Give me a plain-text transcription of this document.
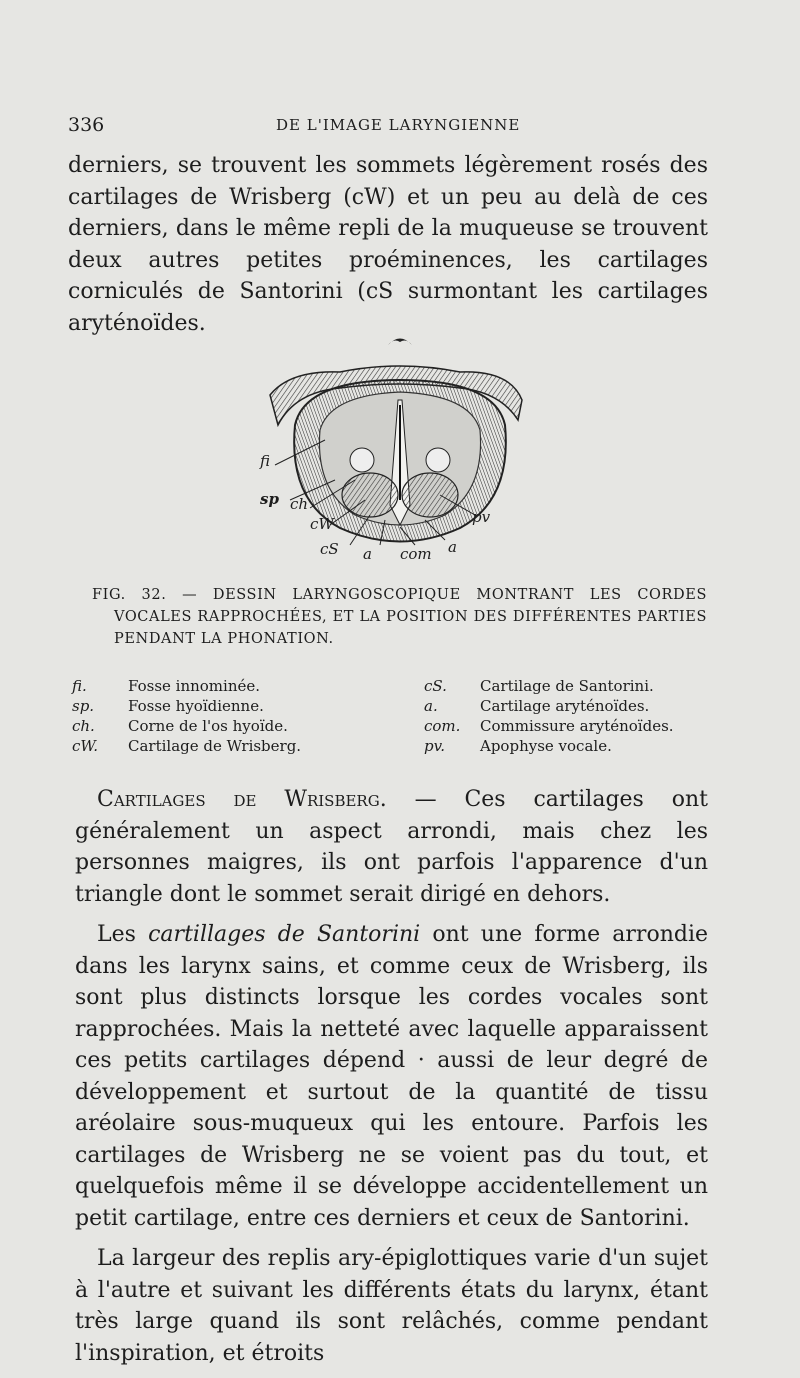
336	DE L'IMAGE LARYNGIENNE
derniers, se trouvent les sommets légèrement rosés des cartilages de Wrisberg (cW) et un peu au delà de ces derniers, dans le même repli de la muqueuse se trouvent deux autres petites proéminences, les cartilages corniculés de Santorini (cS surmontant les cartilages aryténoïdes.
fi
sp ch
cW	pv
cS a com a
FIG. 32. — DESSIN LARYNGOSCOPIQUE MONTRANT LES CORDES VOCALES RAPPROCHÉES, ET LA POSITION DES DIFFÉRENTES PARTIES PENDANT LA PHONATION.
fi.	Fosse innominée.	cS. Cartilage de Santorini.
sp. Fosse hyoïdienne.	a.	Cartilage aryténoïdes.
ch. Corne de l'os hyoïde.	com. Commissure aryténoïdes.
cW. Cartilage de Wrisberg.	pv. Apophyse vocale.

Cartilages de Wrisberg. — Ces cartilages ont généralement un aspect arrondi, mais chez les personnes maigres, ils ont parfois l'apparence d'un triangle dont le sommet serait dirigé en dehors.

Les cartillages de Santorini ont une forme arrondie dans les larynx sains, et comme ceux de Wrisberg, ils sont plus distincts lorsque les cordes vocales sont rapprochées. Mais la netteté avec laquelle apparaissent ces petits cartilages dépend · aussi de leur degré de développement et surtout de la quantité de tissu aréolaire sous-muqueux qui les entoure. Parfois les cartilages de Wrisberg ne se voient pas du tout, et quelquefois même il se développe accidentellement un petit cartilage, entre ces derniers et ceux de Santorini.

La largeur des replis ary-épiglottiques varie d'un sujet à l'autre et suivant les différents états du larynx, étant très large quand ils sont relâchés, comme pendant l'inspiration, et étroits
